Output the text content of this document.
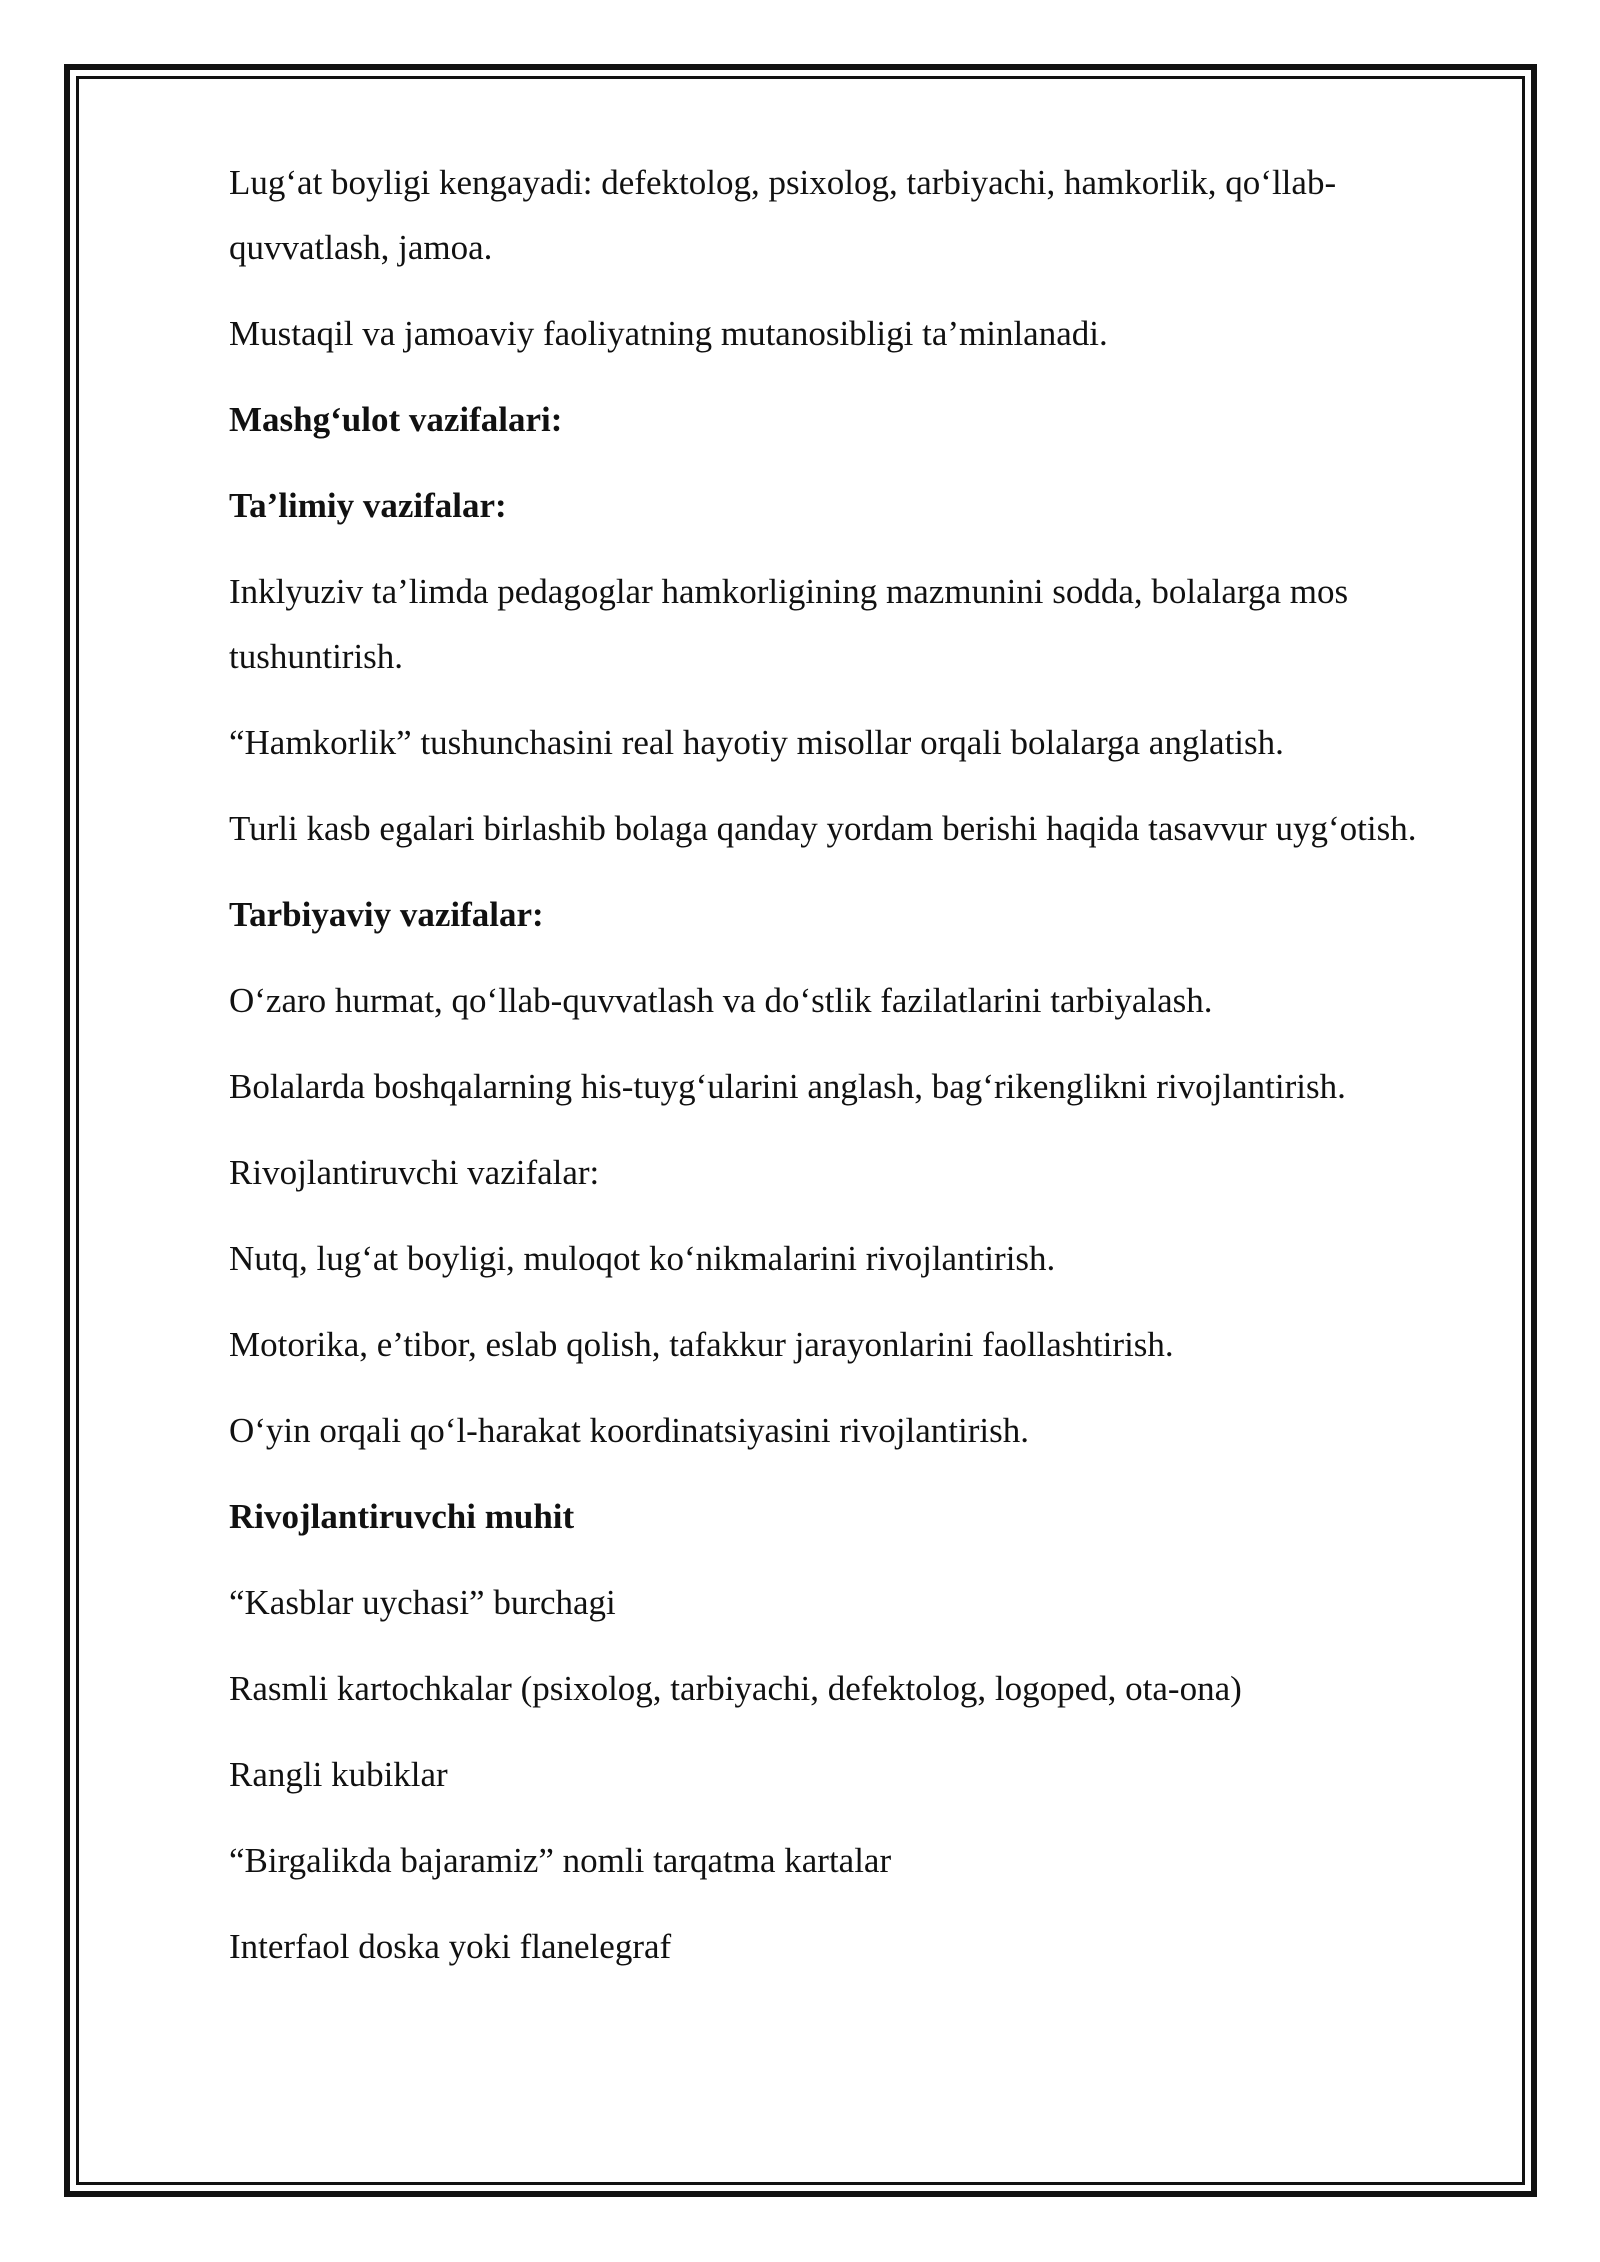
Lug‘at boyligi kengayadi: defektolog, psixolog, tarbiyachi, hamkorlik, qo‘llab-quvvatlash, jamoa.

Mustaqil va jamoaviy faoliyatning mutanosibligi ta’minlanadi.

Mashg‘ulot vazifalari:

Ta’limiy vazifalar:

Inklyuziv ta’limda pedagoglar hamkorligining mazmunini sodda, bolalarga mos tushuntirish.

“Hamkorlik” tushunchasini real hayotiy misollar orqali bolalarga anglatish.

Turli kasb egalari birlashib bolaga qanday yordam berishi haqida tasavvur uyg‘otish.

Tarbiyaviy vazifalar:

O‘zaro hurmat, qo‘llab-quvvatlash va do‘stlik fazilatlarini tarbiyalash.

Bolalarda boshqalarning his-tuyg‘ularini anglash, bag‘rikenglikni rivojlantirish.

Rivojlantiruvchi vazifalar:

Nutq, lug‘at boyligi, muloqot ko‘nikmalarini rivojlantirish.

Motorika, e’tibor, eslab qolish, tafakkur jarayonlarini faollashtirish.

O‘yin orqali qo‘l-harakat koordinatsiyasini rivojlantirish.

Rivojlantiruvchi muhit

“Kasblar uychasi” burchagi

Rasmli kartochkalar (psixolog, tarbiyachi, defektolog, logoped, ota-ona)

Rangli kubiklar

“Birgalikda bajaramiz” nomli tarqatma kartalar

Interfaol doska yoki flanelegraf
